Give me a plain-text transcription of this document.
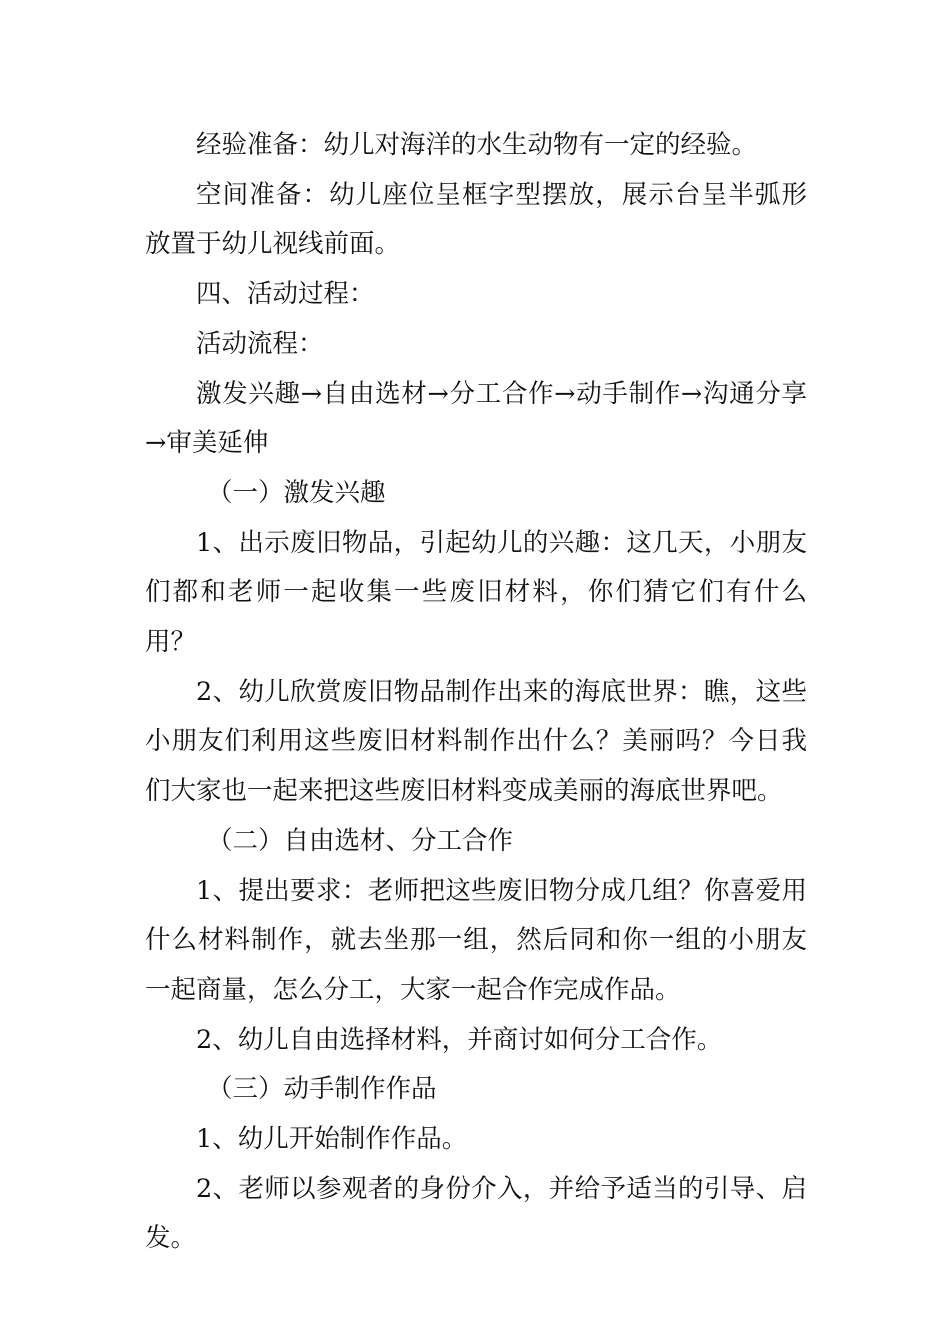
经验准备：幼儿对海洋的水生动物有一定的经验。

空间准备：幼儿座位呈框字型摆放，展示台呈半弧形放置于幼儿视线前面。

四、活动过程：

活动流程：

激发兴趣→自由选材→分工合作→动手制作→沟通分享→审美延伸

（一）激发兴趣

1、出示废旧物品，引起幼儿的兴趣：这几天，小朋友们都和老师一起收集一些废旧材料，你们猜它们有什么用？

2、幼儿欣赏废旧物品制作出来的海底世界：瞧，这些小朋友们利用这些废旧材料制作出什么？美丽吗？今日我们大家也一起来把这些废旧材料变成美丽的海底世界吧。

（二）自由选材、分工合作

1、提出要求：老师把这些废旧物分成几组？你喜爱用什么材料制作，就去坐那一组，然后同和你一组的小朋友一起商量，怎么分工，大家一起合作完成作品。

2、幼儿自由选择材料，并商讨如何分工合作。

（三）动手制作作品

1、幼儿开始制作作品。

2、老师以参观者的身份介入，并给予适当的引导、启发。
